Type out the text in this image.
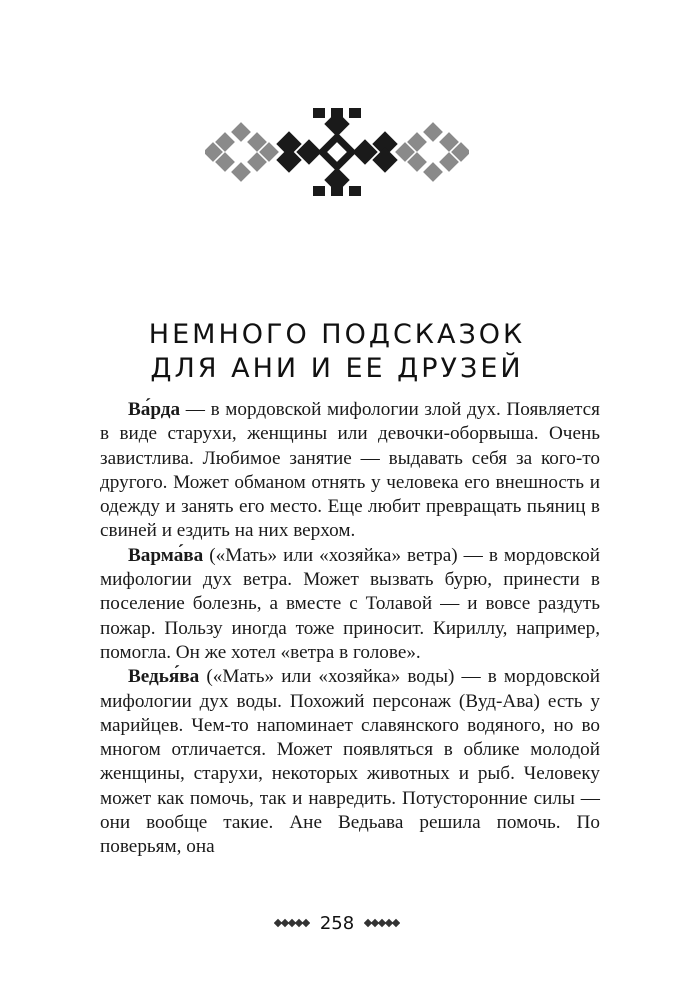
НЕМНОГО ПОДСКАЗОК
ДЛЯ АНИ И ЕЕ ДРУЗЕЙ

Ва́рда — в мордовской мифологии злой дух. Появляется в виде старухи, женщины или девочки-оборвыша. Очень завистлива. Любимое занятие — выдавать себя за кого-то другого. Может обманом отнять у человека его внешность и одежду и занять его место. Еще любит превращать пьяниц в свиней и ездить на них верхом.

Варма́ва («Мать» или «хозяйка» ветра) — в мордовской мифологии дух ветра. Может вызвать бурю, принести в поселение болезнь, а вместе с Толавой — и вовсе раздуть пожар. Пользу иногда тоже приносит. Кириллу, например, помогла. Он же хотел «ветра в голове».

Ведья́ва («Мать» или «хозяйка» воды) — в мордовской мифологии дух воды. Похожий персонаж (Вуд-Ава) есть у марийцев. Чем-то напоминает славянского водяного, но во многом отличается. Может появляться в облике молодой женщины, старухи, некоторых животных и рыб. Человеку может как помочь, так и навредить. Потусторонние силы — они вообще такие. Ане Ведьава решила помочь. По поверьям, она

258
